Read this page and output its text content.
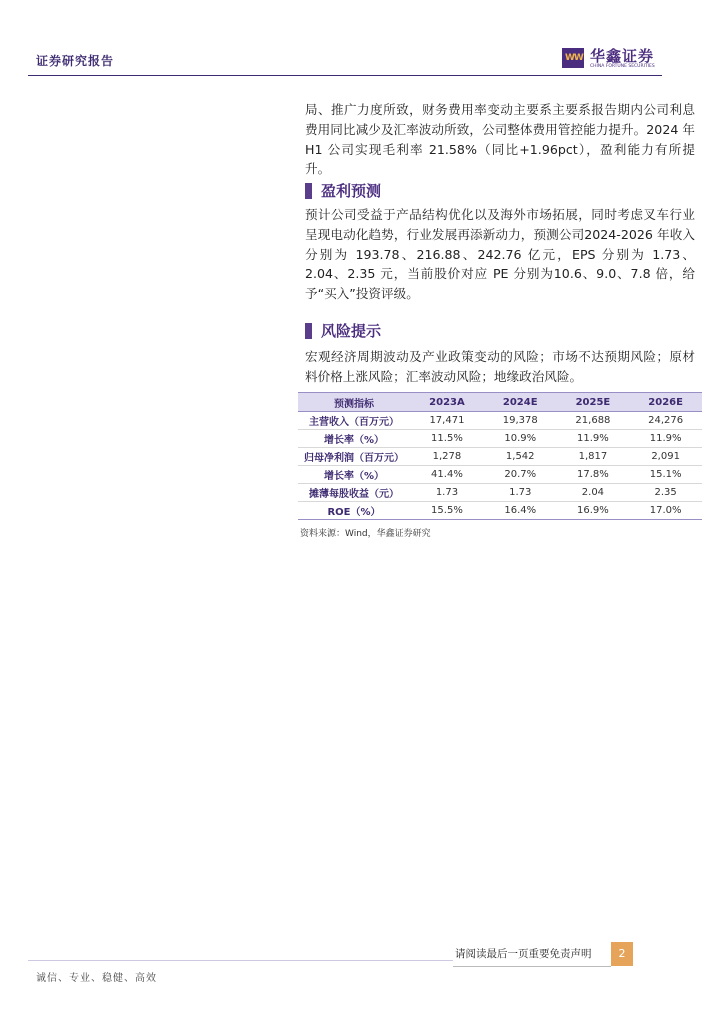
证券研究报告	WW 华鑫证券
CHINA FORTUNE SECURITIES
局、推广力度所致，财务费用率变动主要系主要系报告期内公司利息费用同比减少及汇率波动所致，公司整体费用管控能力提升。2024 年 H1 公司实现毛利率 21.58%（同比+1.96pct），盈利能力有所提升。
盈利预测
预计公司受益于产品结构优化以及海外市场拓展，同时考虑叉车行业呈现电动化趋势，行业发展再添新动力，预测公司2024-2026 年收入分别为 193.78、216.88、242.76 亿元，EPS 分别为 1.73、2.04、2.35 元，当前股价对应 PE 分别为10.6、9.0、7.8 倍，给予“买入”投资评级。
风险提示
宏观经济周期波动及产业政策变动的风险；市场不达预期风险；原材料价格上涨风险；汇率波动风险；地缘政治风险。
预测指标	2023A	2024E	2025E	2026E
主营收入（百万元）	17,471	19,378	21,688	24,276
增长率（%）	11.5%	10.9%	11.9%	11.9%
归母净利润（百万元）	1,278	1,542	1,817	2,091
增长率（%）	41.4%	20.7%	17.8%	15.1%
摊薄每股收益（元）	1.73	1.73	2.04	2.35
ROE（%）	15.5%	16.4%	16.9%	17.0%
资料来源：Wind，华鑫证券研究
请阅读最后一页重要免责声明	2
诚信、专业、稳健、高效
